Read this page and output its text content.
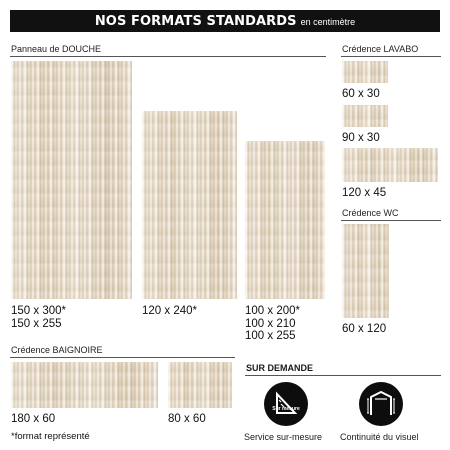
NOS FORMATS STANDARDS en centimètre
Panneau de DOUCHE
150 x 300*
150 x 255
120 x 240*	100 x 200*
100 x 210
100 x 255
Crédence LAVABO
60 x 30
90 x 30
120 x 45
Crédence WC
60 x 120
Crédence BAIGNOIRE
180 x 60	80 x 60
*format représenté
SUR DEMANDE
Sur mesure
Service sur-mesure Continuité du visuel
